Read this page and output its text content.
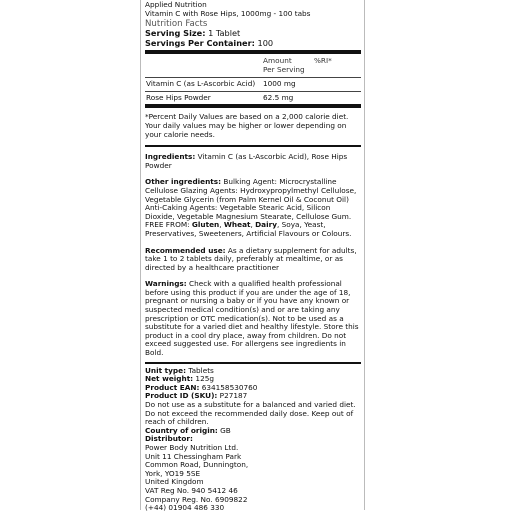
Applied Nutrition
Vitamin C with Rose Hips, 1000mg - 100 tabs
Nutrition Facts
Serving Size: 1 Tablet
Servings Per Container: 100

	Amount
Per Serving	%RI*
Vitamin C (as L-Ascorbic Acid)	1000 mg	
Rose Hips Powder	62.5 mg	

*Percent Daily Values are based on a 2,000 calorie diet. Your daily values may be higher or lower depending on your calorie needs.

Ingredients: Vitamin C (as L-Ascorbic Acid), Rose Hips Powder

Other ingredients: Bulking Agent: Microcrystalline Cellulose Glazing Agents: Hydroxypropylmethyl Cellulose, Vegetable Glycerin (from Palm Kernel Oil & Coconut Oil) Anti-Caking Agents: Vegetable Stearic Acid, Silicon Dioxide, Vegetable Magnesium Stearate, Cellulose Gum. FREE FROM: Gluten, Wheat, Dairy, Soya, Yeast, Preservatives, Sweeteners, Artificial Flavours or Colours.

Recommended use: As a dietary supplement for adults, take 1 to 2 tablets daily, preferably at mealtime, or as directed by a healthcare practitioner

Warnings: Check with a qualified health professional before using this product if you are under the age of 18, pregnant or nursing a baby or if you have any known or suspected medical condition(s) and or are taking any prescription or OTC medication(s). Not to be used as a substitute for a varied diet and healthy lifestyle. Store this product in a cool dry place, away from children. Do not exceed suggested use. For allergens see ingredients in Bold.

Unit type: Tablets
Net weight: 125g
Product EAN: 634158530760
Product ID (SKU): P27187

Do not use as a substitute for a balanced and varied diet. Do not exceed the recommended daily dose. Keep out of reach of children.

Country of origin: GB
Distributor:
Power Body Nutrition Ltd.
Unit 11 Chessingham Park
Common Road, Dunnington,
York, YO19 5SE
United Kingdom
VAT Reg No. 940 5412 46
Company Reg. No. 6909822
(+44) 01904 486 330
